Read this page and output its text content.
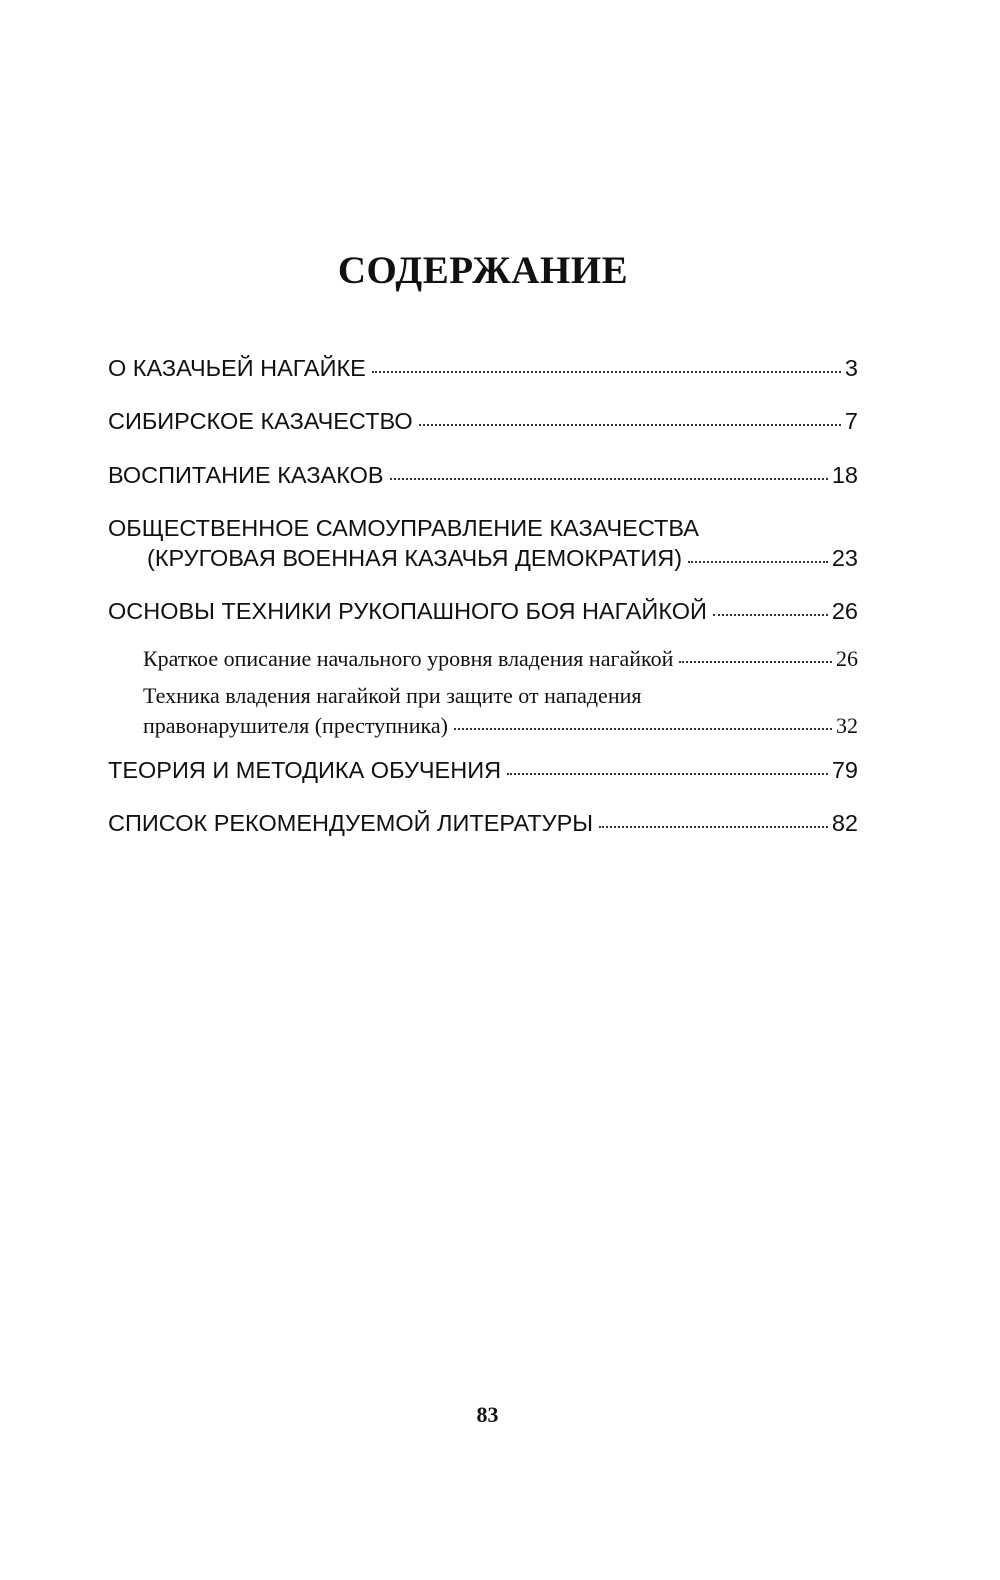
СОДЕРЖАНИЕ
О КАЗАЧЬЕЙ НАГАЙКЕ	3
СИБИРСКОЕ КАЗАЧЕСТВО	7
ВОСПИТАНИЕ КАЗАКОВ	18
ОБЩЕСТВЕННОЕ САМОУПРАВЛЕНИЕ КАЗАЧЕСТВА
(КРУГОВАЯ ВОЕННАЯ КАЗАЧЬЯ ДЕМОКРАТИЯ)	23
ОСНОВЫ ТЕХНИКИ РУКОПАШНОГО БОЯ НАГАЙКОЙ	26
Краткое описание начального уровня владения нагайкой	26
Техника владения нагайкой при защите от нападения
правонарушителя (преступника)	32
ТЕОРИЯ И МЕТОДИКА ОБУЧЕНИЯ	79
СПИСОК РЕКОМЕНДУЕМОЙ ЛИТЕРАТУРЫ	82
83
